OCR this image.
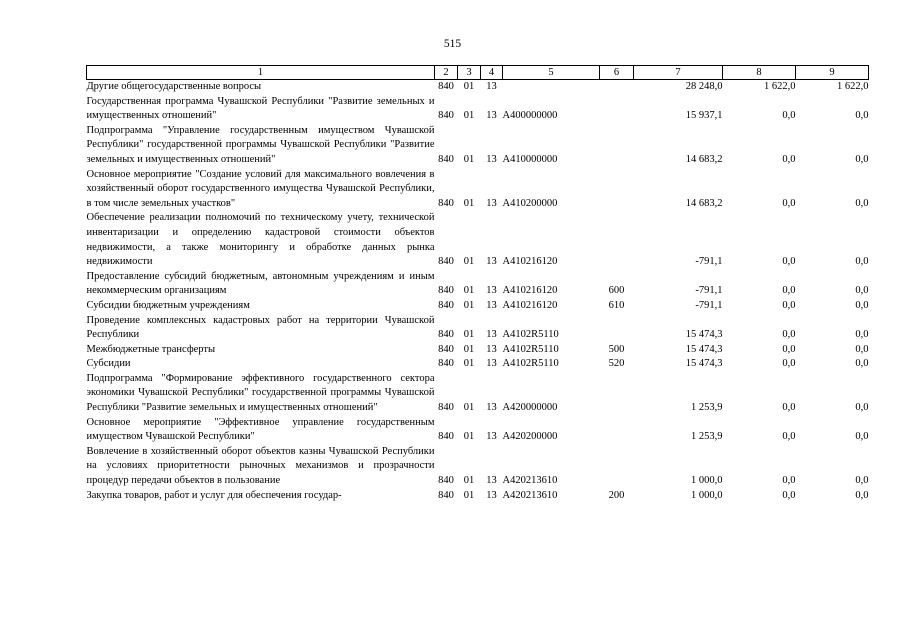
515
1	2	3	4	5	6	7	8	9
Другие общегосударственные вопросы	840	01	13			28 248,0	1 622,0	1 622,0
Государственная программа Чувашской Республики "Развитие земельных и имущественных отношений"	840	01	13	A400000000		15 937,1	0,0	0,0
Подпрограмма "Управление государственным имуществом Чувашской Республики" государственной программы Чувашской Республики "Развитие земельных и имущественных отношений"	840	01	13	A410000000		14 683,2	0,0	0,0
Основное мероприятие "Создание условий для максимального вовлечения в хозяйственный оборот государственного имущества Чувашской Республики, в том числе земельных участков"	840	01	13	A410200000		14 683,2	0,0	0,0
Обеспечение реализации полномочий по техническому учету, технической инвентаризации и определению кадастровой стоимости объектов недвижимости, а также мониторингу и обработке данных рынка недвижимости	840	01	13	A410216120		-791,1	0,0	0,0
Предоставление субсидий бюджетным, автономным учреждениям и иным некоммерческим организациям	840	01	13	A410216120	600	-791,1	0,0	0,0
Субсидии бюджетным учреждениям	840	01	13	A410216120	610	-791,1	0,0	0,0
Проведение комплексных кадастровых работ на территории Чувашской Республики	840	01	13	A4102R5110		15 474,3	0,0	0,0
Межбюджетные трансферты	840	01	13	A4102R5110	500	15 474,3	0,0	0,0
Субсидии	840	01	13	A4102R5110	520	15 474,3	0,0	0,0
Подпрограмма "Формирование эффективного государственного сектора экономики Чувашской Республики" государственной программы Чувашской Республики "Развитие земельных и имущественных отношений"	840	01	13	A420000000		1 253,9	0,0	0,0
Основное мероприятие "Эффективное управление государственным имуществом Чувашской Республики"	840	01	13	A420200000		1 253,9	0,0	0,0
Вовлечение в хозяйственный оборот объектов казны Чувашской Республики на условиях приоритетности рыночных механизмов и прозрачности процедур передачи объектов в пользование	840	01	13	A420213610		1 000,0	0,0	0,0
Закупка товаров, работ и услуг для обеспечения государ-	840	01	13	A420213610	200	1 000,0	0,0	0,0
